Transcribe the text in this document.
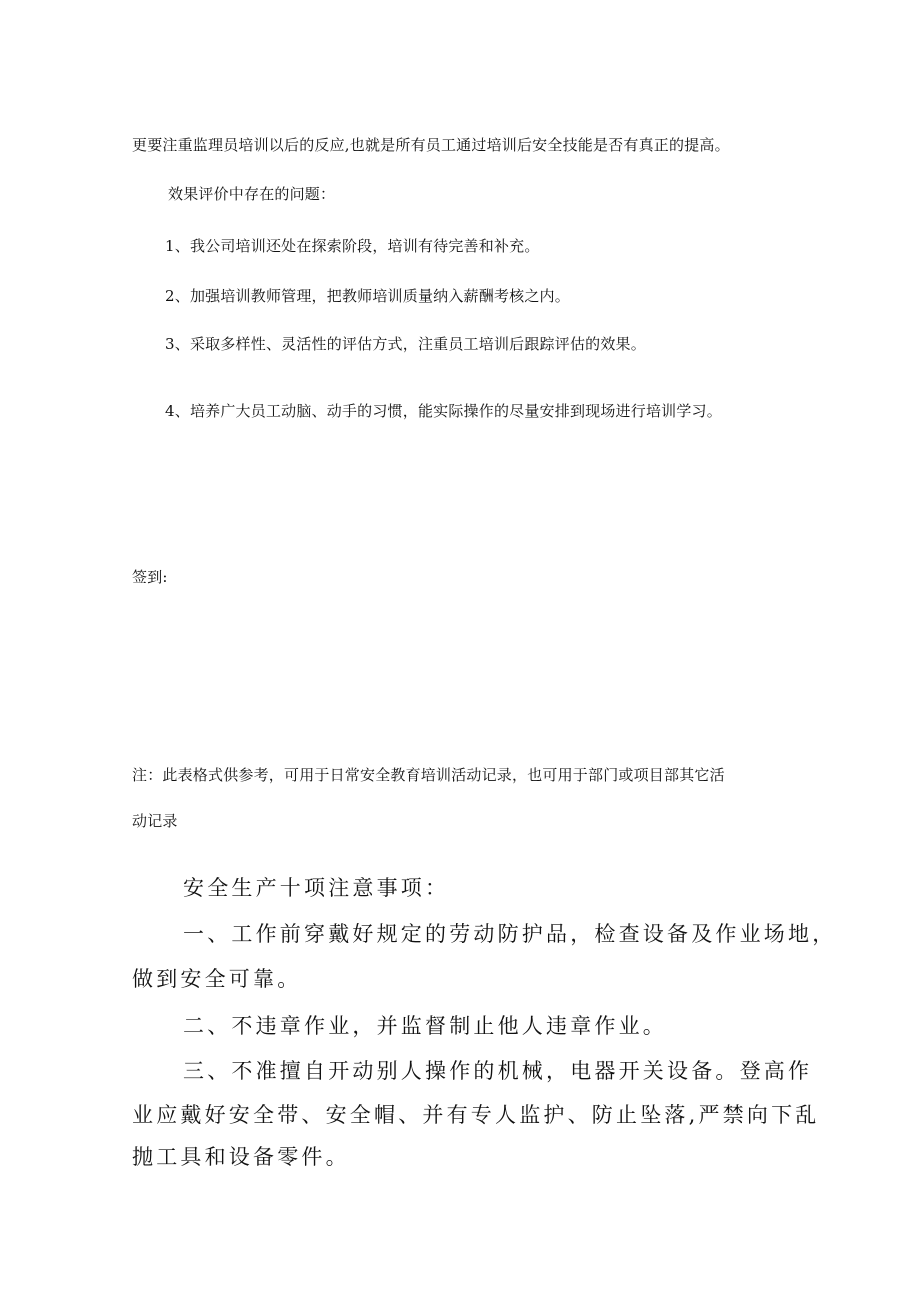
更要注重监理员培训以后的反应,也就是所有员工通过培训后安全技能是否有真正的提高。

效果评价中存在的问题：

1、我公司培训还处在探索阶段，培训有待完善和补充。

2、加强培训教师管理，把教师培训质量纳入薪酬考核之内。

3、采取多样性、灵活性的评估方式，注重员工培训后跟踪评估的效果。

4、培养广大员工动脑、动手的习惯，能实际操作的尽量安排到现场进行培训学习。

签到:

注：此表格式供参考，可用于日常安全教育培训活动记录，也可用于部门或项目部其它活

动记录

安全生产十项注意事项：

一、工作前穿戴好规定的劳动防护品，检查设备及作业场地，

做到安全可靠。

二、不违章作业，并监督制止他人违章作业。

三、不准擅自开动别人操作的机械，电器开关设备。登高作

业应戴好安全带、安全帽、并有专人监护、防止坠落,严禁向下乱

抛工具和设备零件。
